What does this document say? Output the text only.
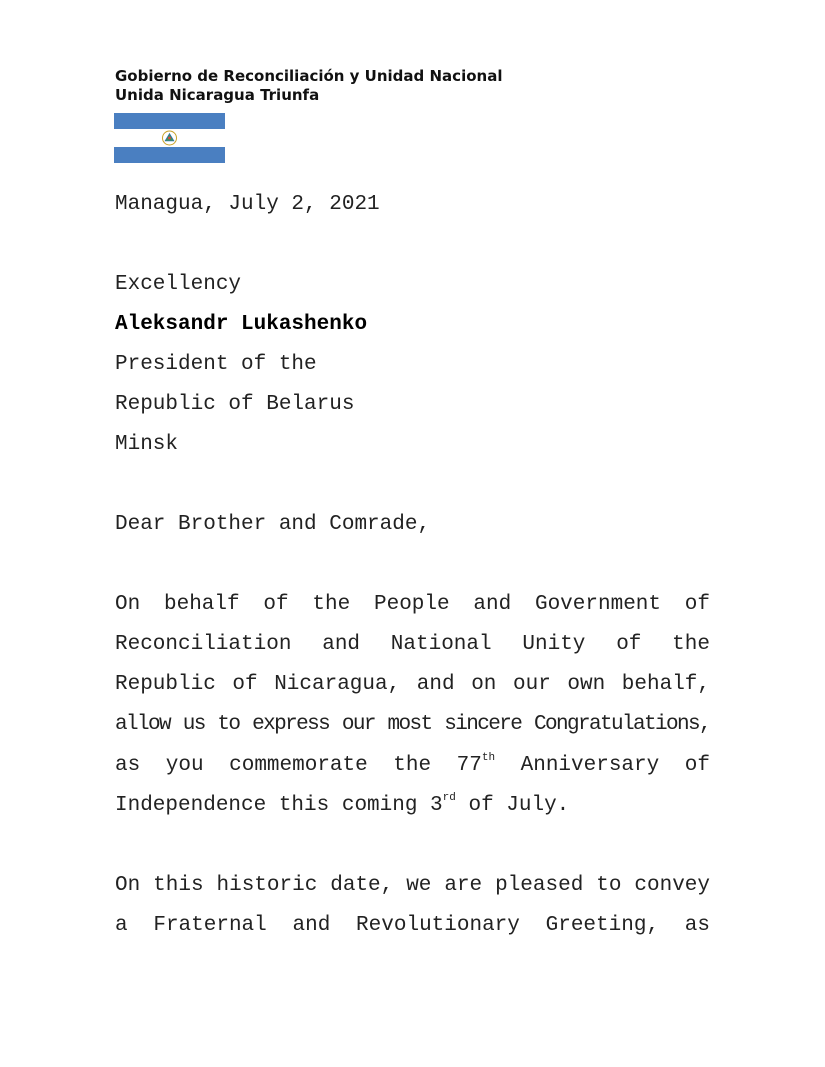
Gobierno de Reconciliación y Unidad Nacional
Unida Nicaragua Triunfa
Managua, July 2, 2021
Excellency
Aleksandr Lukashenko
President of the
Republic of Belarus
Minsk
Dear Brother and Comrade,
On behalf of the People and Government of
Reconciliation and National Unity of the
Republic of Nicaragua, and on our own behalf,
allow us to express our most sincere Congratulations,
as you commemorate the 77th Anniversary of
Independence this coming 3rd of July.
On this historic date, we are pleased to convey
a Fraternal and Revolutionary Greeting, as
